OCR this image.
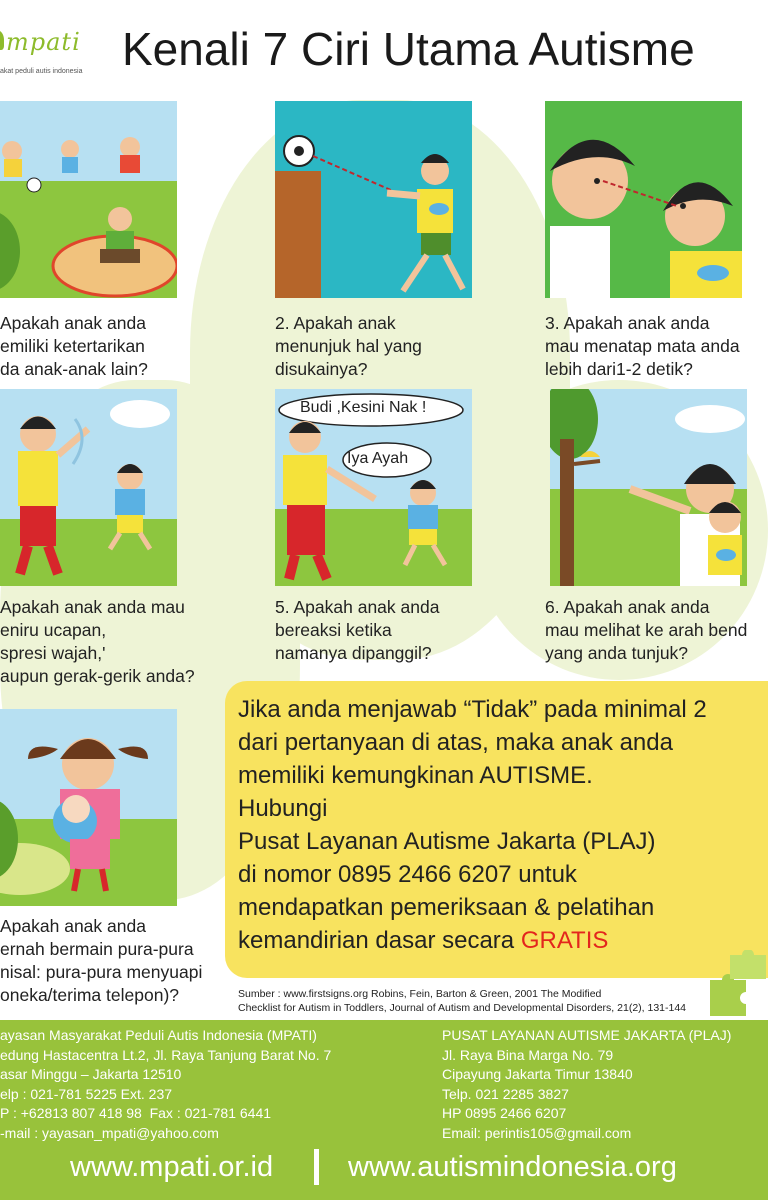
mpati
akat peduli autis indonesia Kenali 7 Ciri Utama Autisme
Budi ,Kesini Nak !
Iya Ayah
Apakah anak anda
emiliki ketertarikan
da anak-anak lain?
2. Apakah anak
menunjuk hal yang
disukainya?
3. Apakah anak anda
mau menatap mata anda
lebih dari1-2 detik?
Apakah anak anda mau
eniru ucapan,
spresi wajah,'
aupun gerak-gerik anda?
5. Apakah anak anda
bereaksi ketika
namanya dipanggil?
6. Apakah anak anda
mau melihat ke arah bend
yang anda tunjuk?
Apakah anak anda
ernah bermain pura-pura
nisal: pura-pura menyuapi
oneka/terima telepon)?
Jika anda menjawab “Tidak” pada minimal 2
dari pertanyaan di atas, maka anak anda
memiliki kemungkinan AUTISME.
Hubungi
Pusat Layanan Autisme Jakarta (PLAJ)
di nomor 0895 2466 6207 untuk
mendapatkan pemeriksaan & pelatihan
kemandirian dasar secara GRATIS
Sumber : www.firstsigns.org Robins, Fein, Barton & Green, 2001 The Modified
Checklist for Autism in Toddlers, Journal of Autism and Developmental Disorders, 21(2), 131-144
ayasan Masyarakat Peduli Autis Indonesia (MPATI)
edung Hastacentra Lt.2, Jl. Raya Tanjung Barat No. 7
asar Minggu – Jakarta 12510
elp : 021-781 5225 Ext. 237
P : +62813 807 418 98  Fax : 021-781 6441
-mail : yayasan_mpati@yahoo.com
PUSAT LAYANAN AUTISME JAKARTA (PLAJ)
Jl. Raya Bina Marga No. 79
Cipayung Jakarta Timur 13840
Telp. 021 2285 3827
HP 0895 2466 6207
Email: perintis105@gmail.com
www.mpati.or.id	www.autismindonesia.org
